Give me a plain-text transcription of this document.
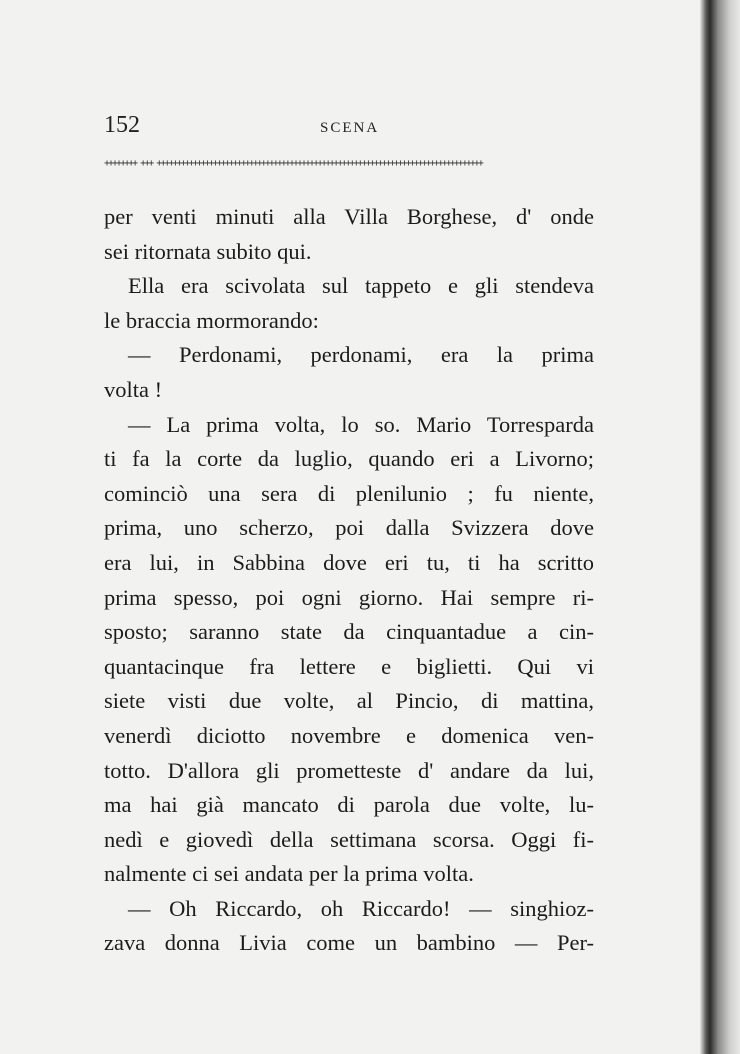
152	SCENA
++++++++ +++ +++++++++++++++++++++++++++++++++++++++++++++++++++++++++++++++++++++++++++++++++
per venti minuti alla Villa Borghese, d' onde
sei ritornata subito qui.
Ella era scivolata sul tappeto e gli stendeva
le braccia mormorando:
— Perdonami, perdonami, era la prima
volta !
— La prima volta, lo so. Mario Torresparda
ti fa la corte da luglio, quando eri a Livorno;
cominciò una sera di plenilunio ; fu niente,
prima, uno scherzo, poi dalla Svizzera dove
era lui, in Sabbina dove eri tu, ti ha scritto
prima spesso, poi ogni giorno. Hai sempre ri-
sposto; saranno state da cinquantadue a cin-
quantacinque fra lettere e biglietti. Qui vi
siete visti due volte, al Pincio, di mattina,
venerdì diciotto novembre e domenica ven-
totto. D'allora gli prometteste d' andare da lui,
ma hai già mancato di parola due volte, lu-
nedì e giovedì della settimana scorsa. Oggi fi-
nalmente ci sei andata per la prima volta.
— Oh Riccardo, oh Riccardo! — singhioz-
zava donna Livia come un bambino — Per-
